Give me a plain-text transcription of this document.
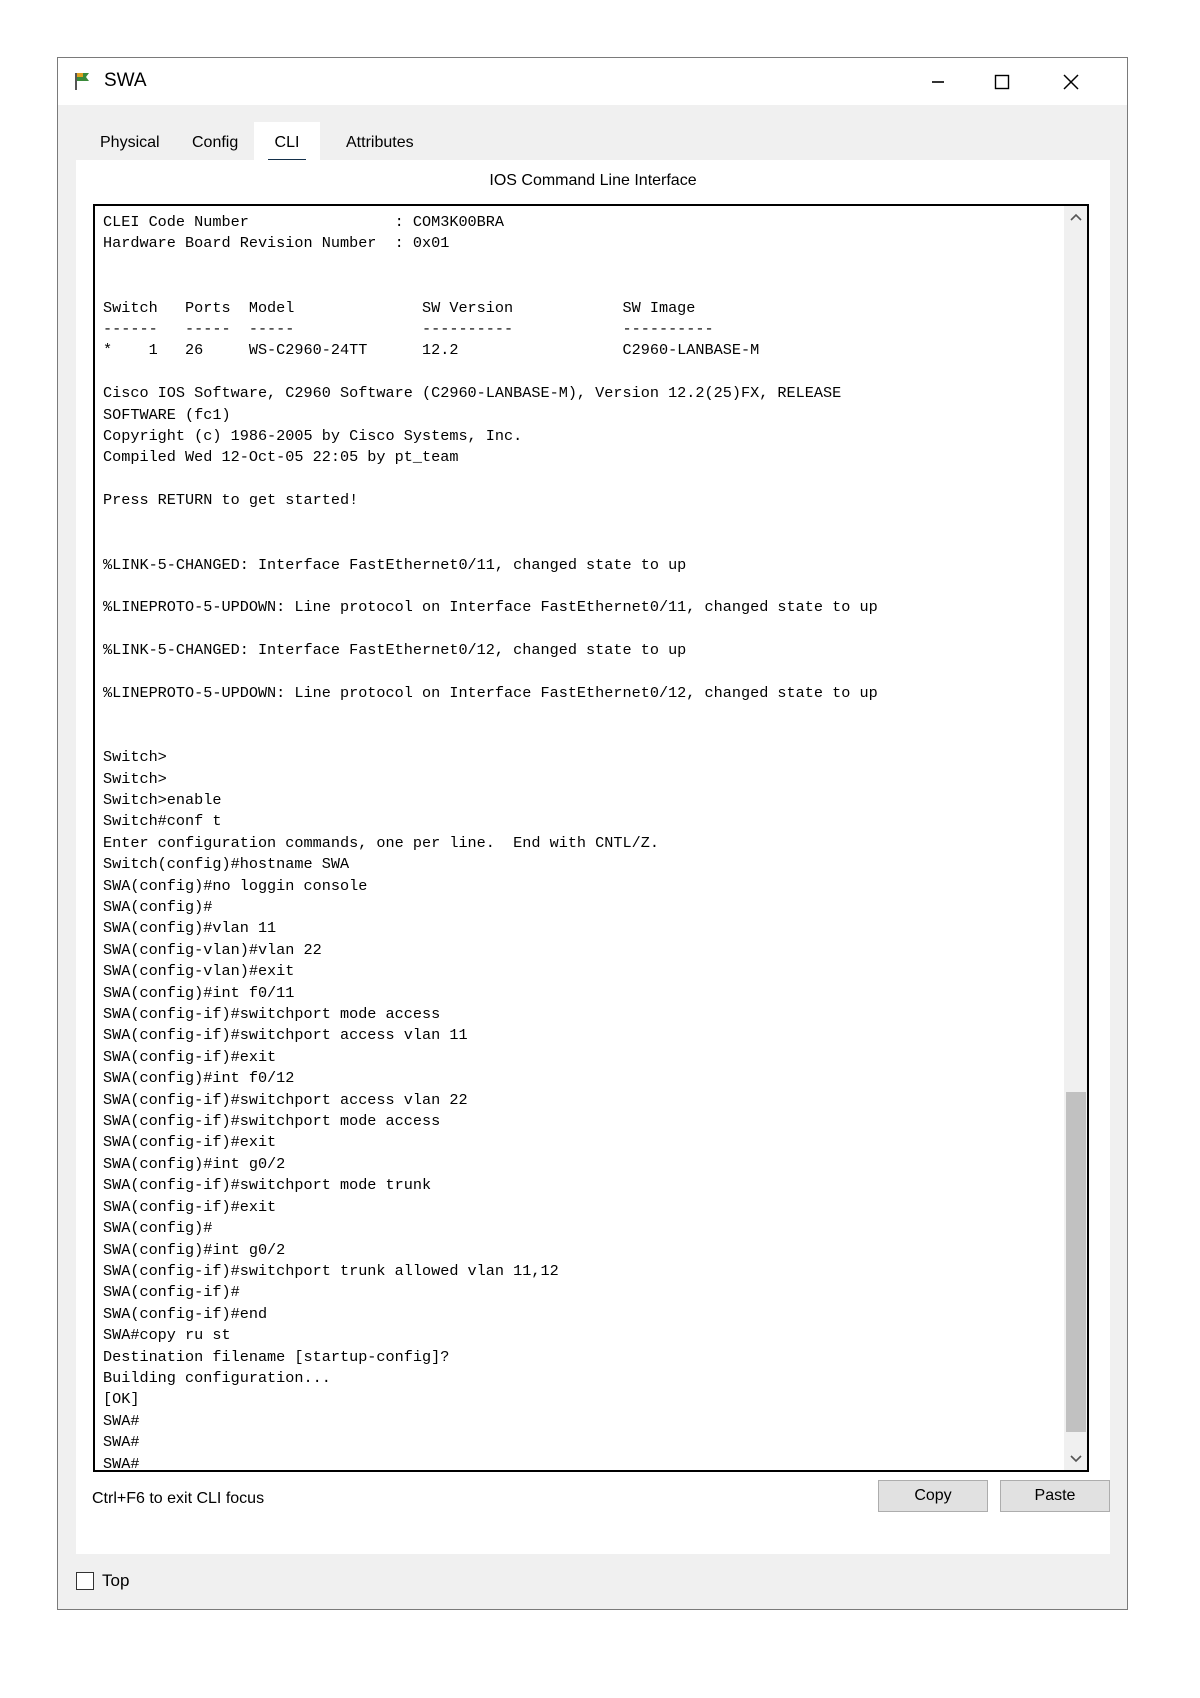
SWA
Physical Config CLI	Attributes
IOS Command Line Interface
CLEI Code Number                : COM3K00BRA
Hardware Board Revision Number  : 0x01

Switch   Ports  Model              SW Version            SW Image
------   -----  -----              ----------            ----------
*    1   26     WS-C2960-24TT      12.2                  C2960-LANBASE-M

Cisco IOS Software, C2960 Software (C2960-LANBASE-M), Version 12.2(25)FX, RELEASE
SOFTWARE (fc1)
Copyright (c) 1986-2005 by Cisco Systems, Inc.
Compiled Wed 12-Oct-05 22:05 by pt_team

Press RETURN to get started!

%LINK-5-CHANGED: Interface FastEthernet0/11, changed state to up

%LINEPROTO-5-UPDOWN: Line protocol on Interface FastEthernet0/11, changed state to up

%LINK-5-CHANGED: Interface FastEthernet0/12, changed state to up

%LINEPROTO-5-UPDOWN: Line protocol on Interface FastEthernet0/12, changed state to up

Switch>
Switch>
Switch>enable
Switch#conf t
Enter configuration commands, one per line.  End with CNTL/Z.
Switch(config)#hostname SWA
SWA(config)#no loggin console
SWA(config)#
SWA(config)#vlan 11
SWA(config-vlan)#vlan 22
SWA(config-vlan)#exit
SWA(config)#int f0/11
SWA(config-if)#switchport mode access
SWA(config-if)#switchport access vlan 11
SWA(config-if)#exit
SWA(config)#int f0/12
SWA(config-if)#switchport access vlan 22
SWA(config-if)#switchport mode access
SWA(config-if)#exit
SWA(config)#int g0/2
SWA(config-if)#switchport mode trunk
SWA(config-if)#exit
SWA(config)#
SWA(config)#int g0/2
SWA(config-if)#switchport trunk allowed vlan 11,12
SWA(config-if)#
SWA(config-if)#end
SWA#copy ru st
Destination filename [startup-config]?
Building configuration...
[OK]
SWA#
SWA#
SWA#
Ctrl+F6 to exit CLI focus	Copy	Paste
Top
